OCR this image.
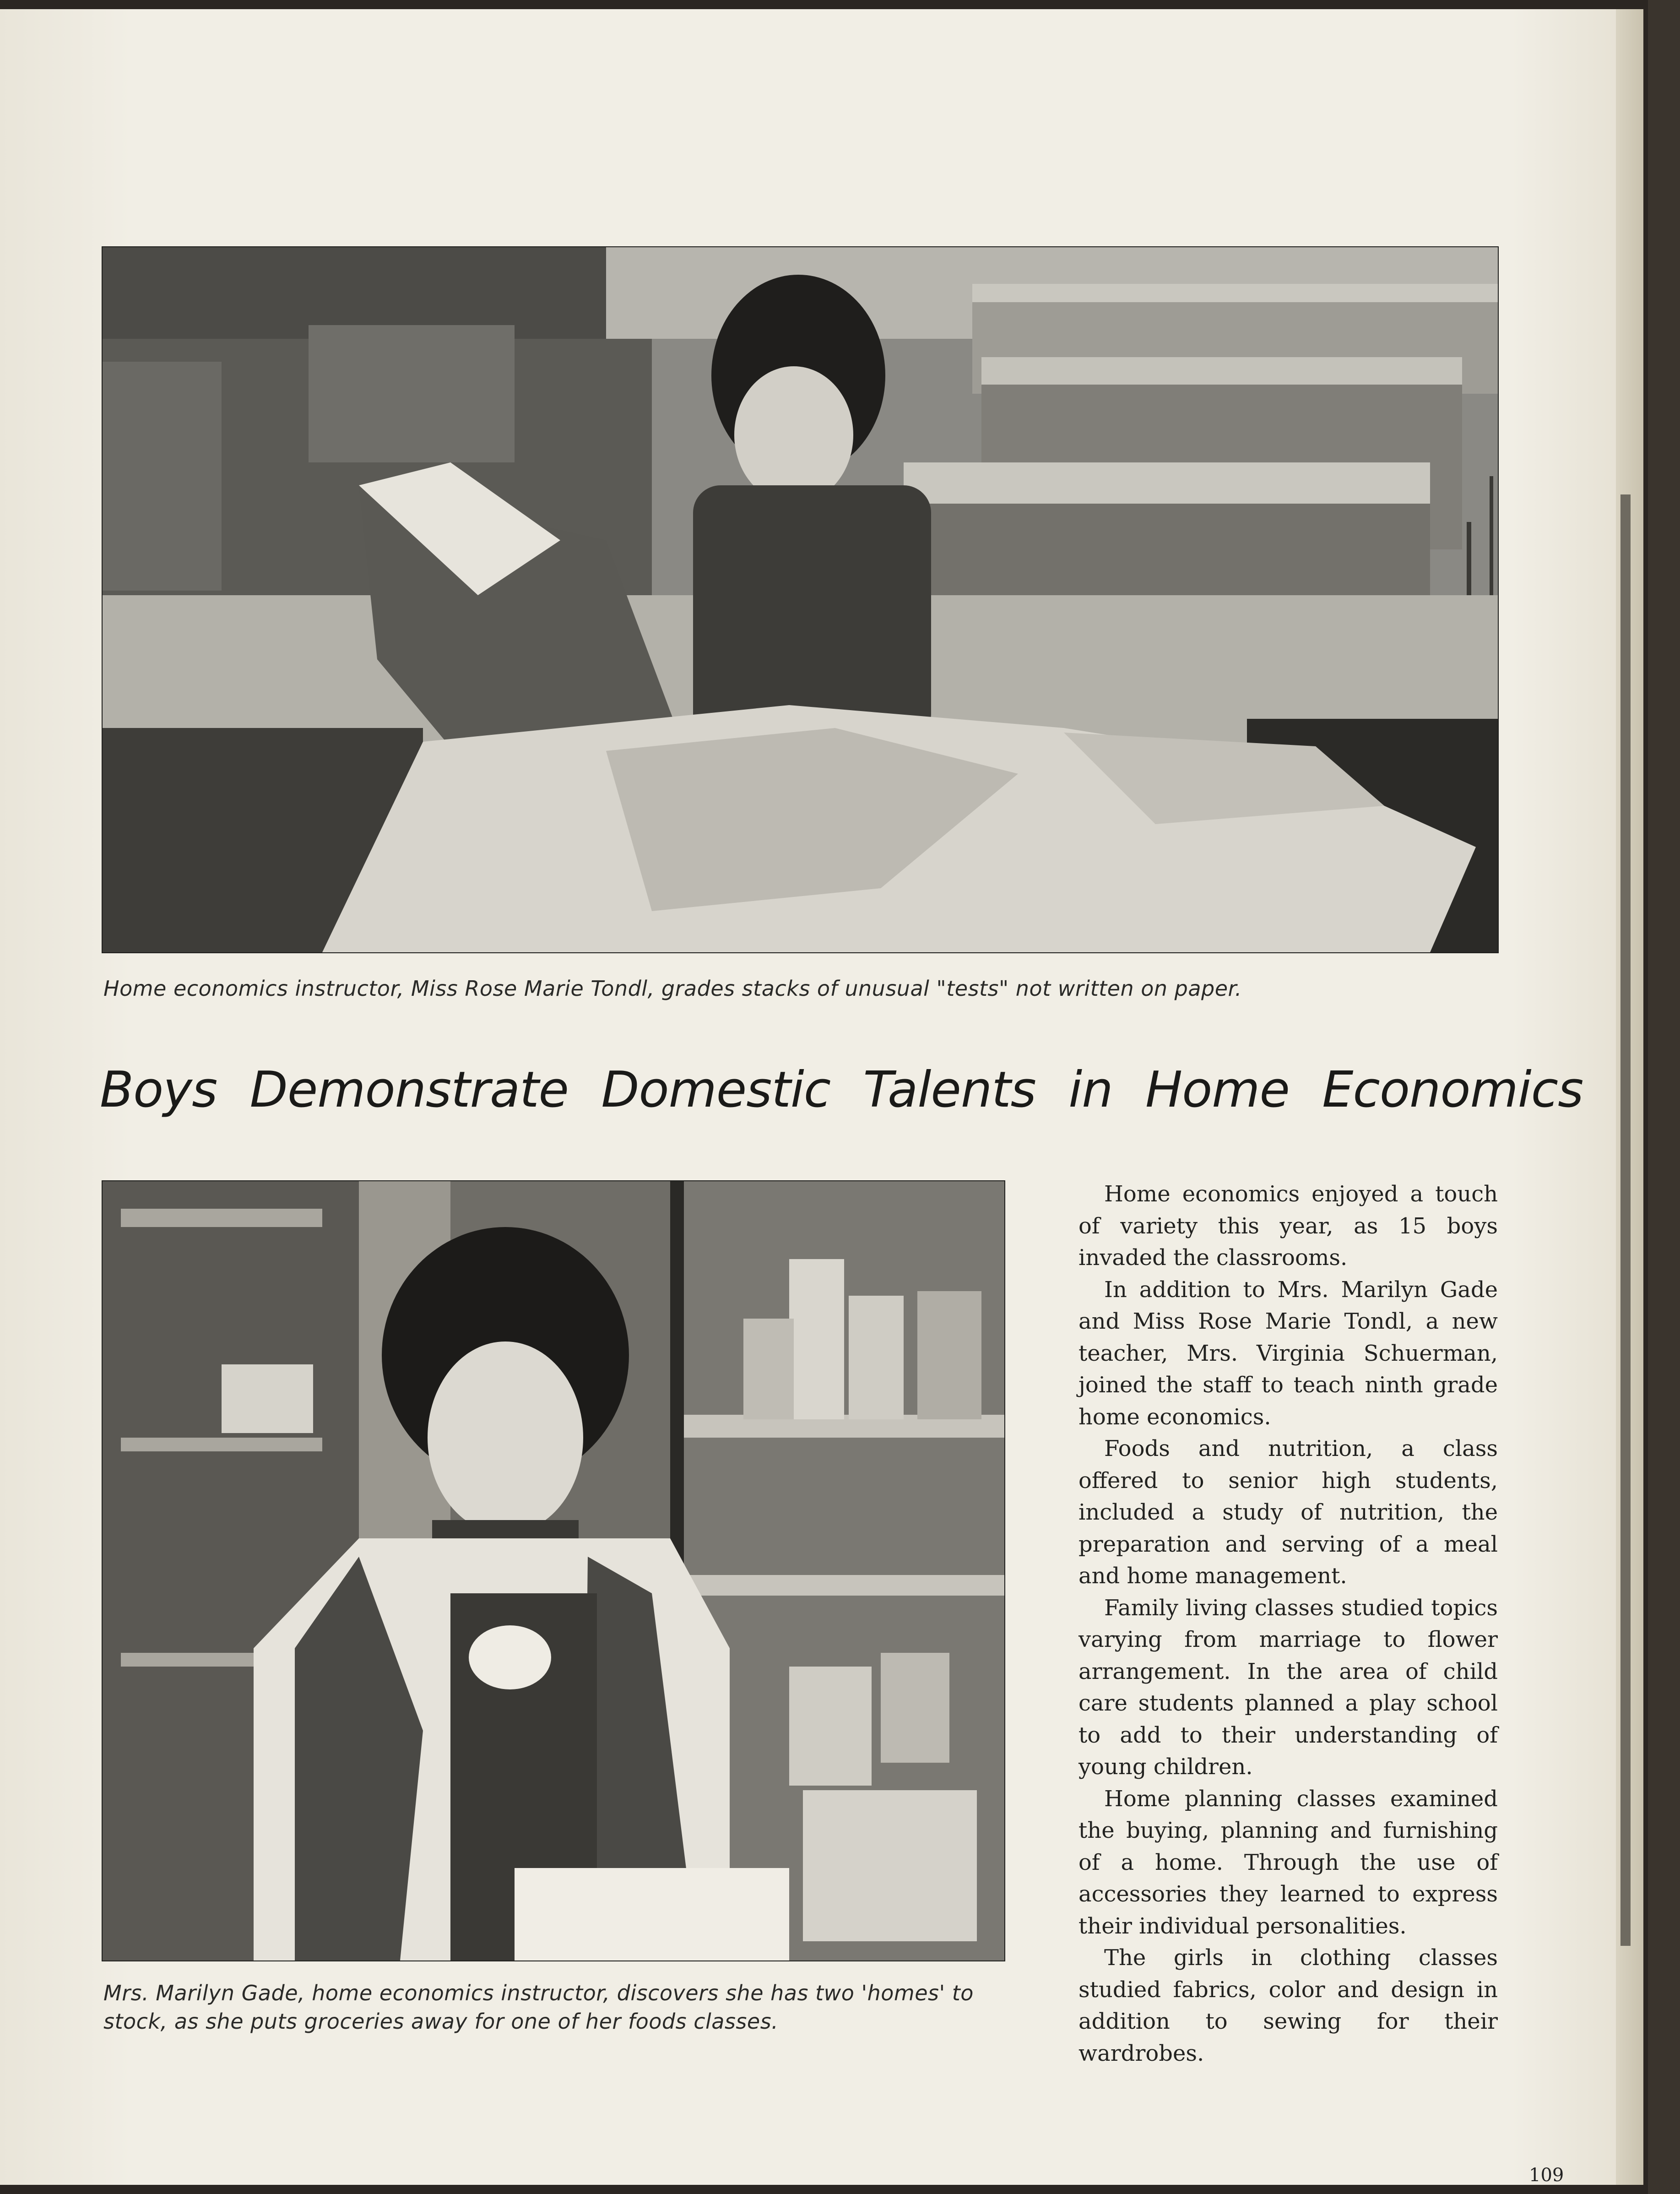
Home economics instructor, Miss Rose Marie Tondl, grades stacks of unusual "tests" not written on paper.
Boys Demonstrate Domestic Talents in Home Economics
Mrs. Marilyn Gade, home economics instructor, discovers she has two 'homes' to stock, as she puts groceries away for one of her foods classes.

Home economics enjoyed a touch of variety this year, as 15 boys invaded the classrooms.

In addition to Mrs. Marilyn Gade and Miss Rose Marie Tondl, a new teacher, Mrs. Virginia Schuerman, joined the staff to teach ninth grade home economics.

Foods and nutrition, a class offered to senior high students, included a study of nutrition, the preparation and serving of a meal and home management.

Family living classes studied topics varying from marriage to flower arrangement. In the area of child care students planned a play school to add to their understanding of young children.

Home planning classes examined the buying, planning and furnishing of a home. Through the use of accessories they learned to express their individual personalities.

The girls in clothing classes studied fabrics, color and design in addition to sewing for their wardrobes.

109
